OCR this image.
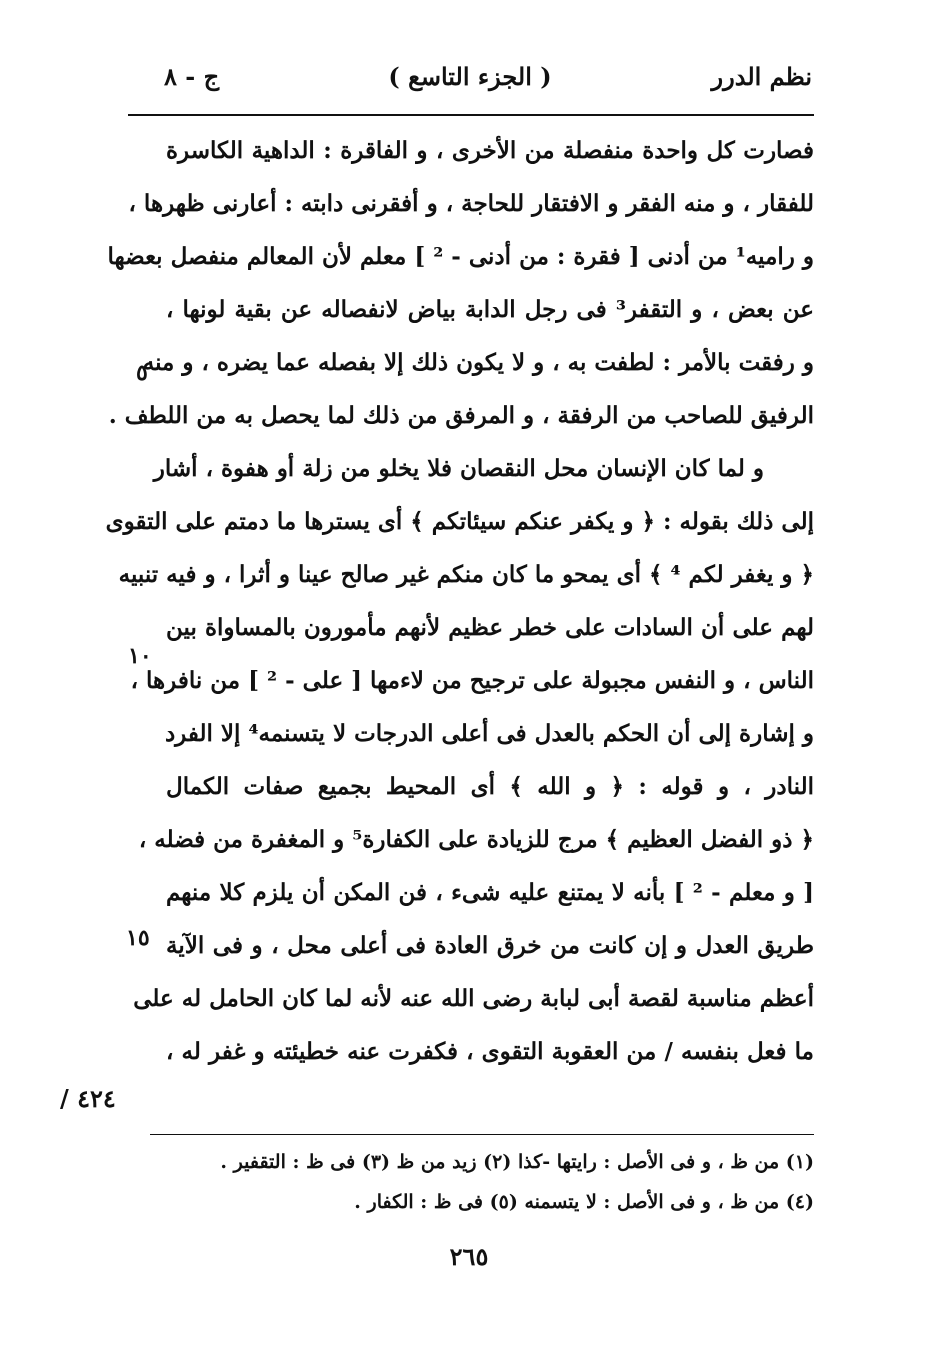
نظم الدرر
( الجزء التاسع )
ج - ٨
فصارت كل واحدة منفصلة من الأخرى ، و الفاقرة : الداهية الكاسرة
للفقار ، و منه الفقر و الافتقار للحاجة ، و أفقرنى دابته : أعارنى ظهرها ،
و راميه¹ من أدنى [ فقرة : من أدنى - ² ] معلم لأن المعالم منفصل بعضها
عن بعض ، و التقفر³ فى رجل الدابة بياض لانفصاله عن بقية لونها ،
و رفقت بالأمر : لطفت به ، و لا يكون ذلك إلا بفصله عما يضره ، و منه
الرفيق للصاحب من الرفقة ، و المرفق من ذلك لما يحصل به من اللطف .
و لما كان الإنسان محل النقصان فلا يخلو من زلة أو هفوة ، أشار
إلى ذلك بقوله : ﴿ و يكفر عنكم سيئاتكم ﴾ أى يسترها ما دمتم على التقوى
﴿ و يغفر لكم ⁴ ﴾ أى يمحو ما كان منكم غير صالح عينا و أثرا ، و فيه تنبيه
لهم على أن السادات على خطر عظيم لأنهم مأمورون بالمساواة بين
الناس ، و النفس مجبولة على ترجيح من لاءمها [ على - ² ] من نافرها ،
و إشارة إلى أن الحكم بالعدل فى أعلى الدرجات لا يتسنمه⁴ إلا الفرد
النادر ، و قوله : ﴿ و الله ﴾ أى المحيط بجميع صفات الكمال
﴿ ذو الفضل العظيم ﴾ مرج للزيادة على الكفارة⁵ و المغفرة من فضله ،
[ و معلم - ² ] بأنه لا يمتنع عليه شىء ، فن المكن أن يلزم كلا منهم
طريق العدل و إن كانت من خرق العادة فى أعلى محل ، و فى الآية
أعظم مناسبة لقصة أبى لبابة رضى الله عنه لأنه لما كان الحامل له على
ما فعل بنفسه / من العقوبة التقوى ، فكفرت عنه خطيئته و غفر له ،
٥
١٠
١٥
/ ٤٢٤
(١) من ظ ، و فى الأصل : رايتها -كذا (٢) زيد من ظ (٣) فى ظ : التقفير .
(٤) من ظ ، و فى الأصل : لا يتسمنه (٥) فى ظ : الكفار .
٢٦٥
